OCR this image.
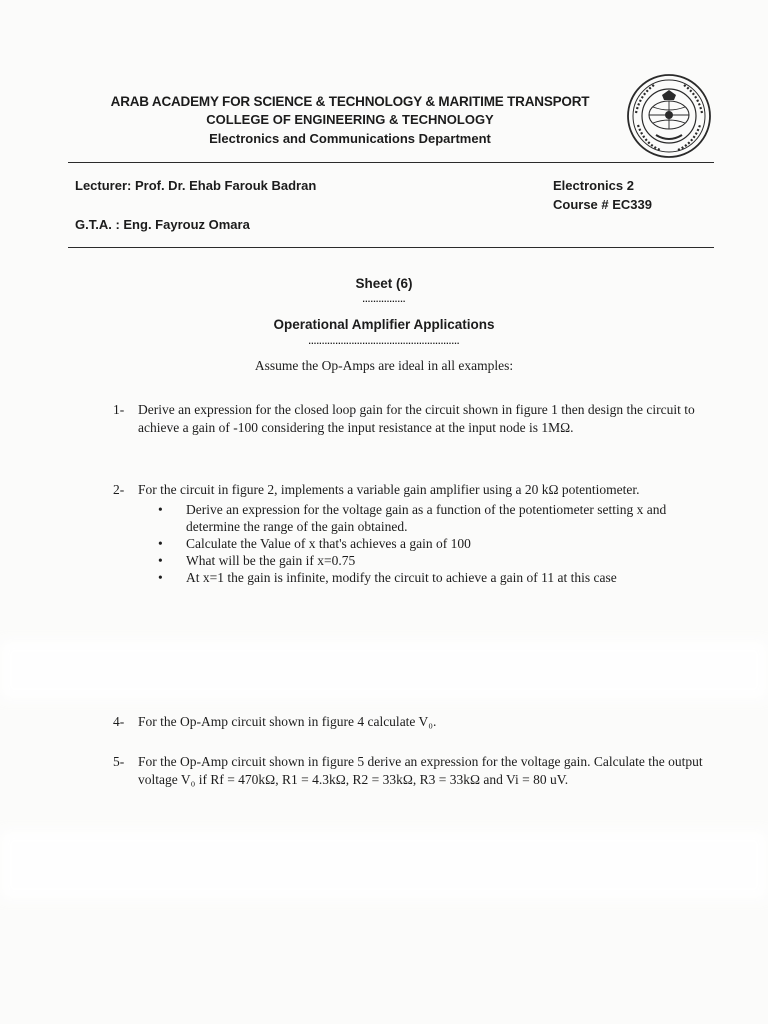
ARAB ACADEMY FOR SCIENCE & TECHNOLOGY & MARITIME TRANSPORT
COLLEGE OF ENGINEERING & TECHNOLOGY
Electronics and Communications Department
Lecturer: Prof. Dr. Ehab Farouk Badran	Electronics 2
Course # EC339
G.T.A. : Eng. Fayrouz Omara
Sheet (6)
................
Operational Amplifier Applications
........................................................
Assume the Op-Amps are ideal in all examples:
1-	Derive an expression for the closed loop gain for the circuit shown in figure 1 then design the circuit to achieve a gain of -100 considering the input resistance at the input node is 1MΩ.
2-	For the circuit in figure 2, implements a variable gain amplifier using a 20 kΩ potentiometer.
• Derive an expression for the voltage gain as a function of the potentiometer setting x and determine the range of the gain obtained.
• Calculate the Value of x that's achieves a gain of 100
• What will be the gain if x=0.75
• At x=1 the gain is infinite, modify the circuit to achieve a gain of 11 at this case
4-	For the Op-Amp circuit shown in figure 4 calculate V₀.
5-	For the Op-Amp circuit shown in figure 5 derive an expression for the voltage gain. Calculate the output voltage V₀ if Rf = 470kΩ, R1 = 4.3kΩ, R2 = 33kΩ, R3 = 33kΩ and Vi = 80 uV.
